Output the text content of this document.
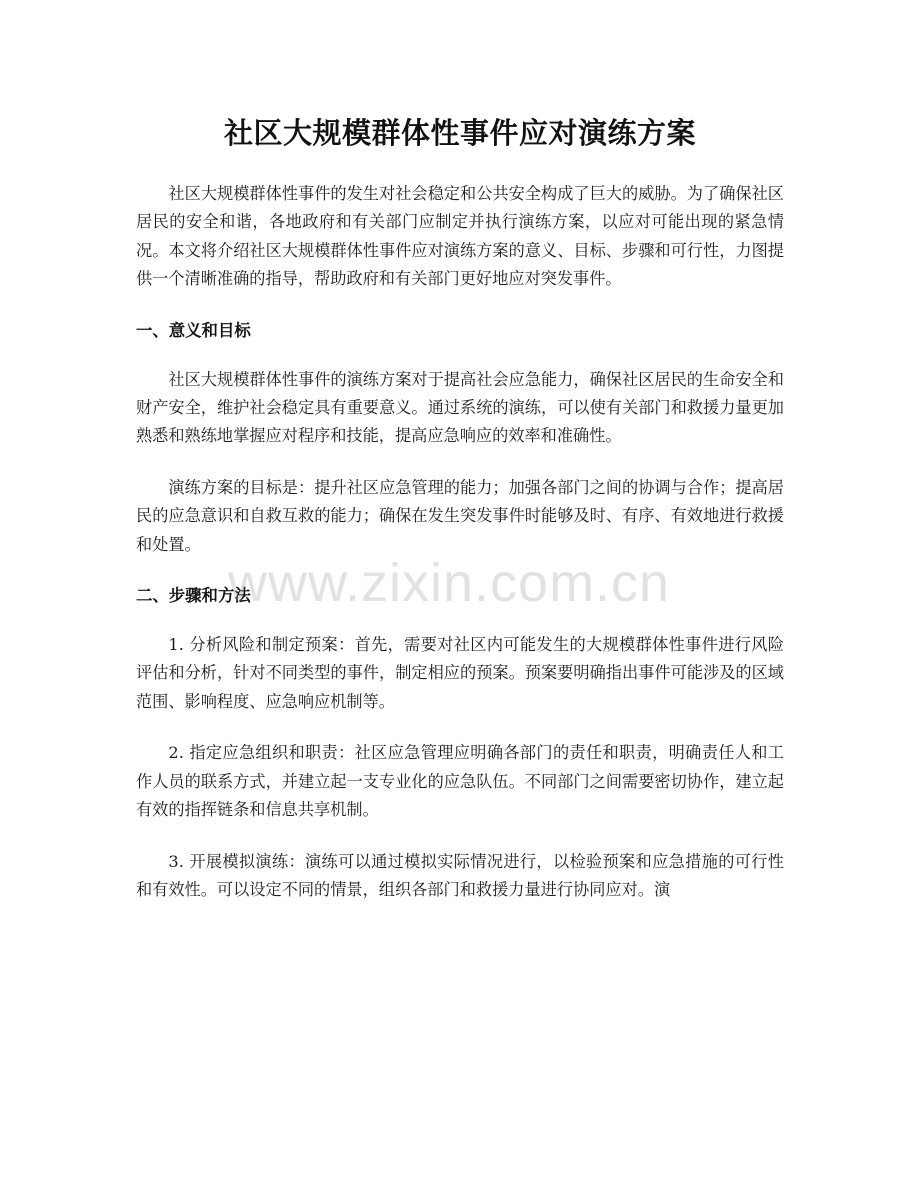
社区大规模群体性事件应对演练方案

社区大规模群体性事件的发生对社会稳定和公共安全构成了巨大的威胁。为了确保社区居民的安全和谐，各地政府和有关部门应制定并执行演练方案，以应对可能出现的紧急情况。本文将介绍社区大规模群体性事件应对演练方案的意义、目标、步骤和可行性，力图提供一个清晰准确的指导，帮助政府和有关部门更好地应对突发事件。

一、意义和目标

社区大规模群体性事件的演练方案对于提高社会应急能力，确保社区居民的生命安全和财产安全，维护社会稳定具有重要意义。通过系统的演练，可以使有关部门和救援力量更加熟悉和熟练地掌握应对程序和技能，提高应急响应的效率和准确性。

演练方案的目标是：提升社区应急管理的能力；加强各部门之间的协调与合作；提高居民的应急意识和自救互救的能力；确保在发生突发事件时能够及时、有序、有效地进行救援和处置。

二、步骤和方法

1. 分析风险和制定预案：首先，需要对社区内可能发生的大规模群体性事件进行风险评估和分析，针对不同类型的事件，制定相应的预案。预案要明确指出事件可能涉及的区域范围、影响程度、应急响应机制等。

2. 指定应急组织和职责：社区应急管理应明确各部门的责任和职责，明确责任人和工作人员的联系方式，并建立起一支专业化的应急队伍。不同部门之间需要密切协作，建立起有效的指挥链条和信息共享机制。

3. 开展模拟演练：演练可以通过模拟实际情况进行，以检验预案和应急措施的可行性和有效性。可以设定不同的情景，组织各部门和救援力量进行协同应对。演

www.zixin.com.cn
